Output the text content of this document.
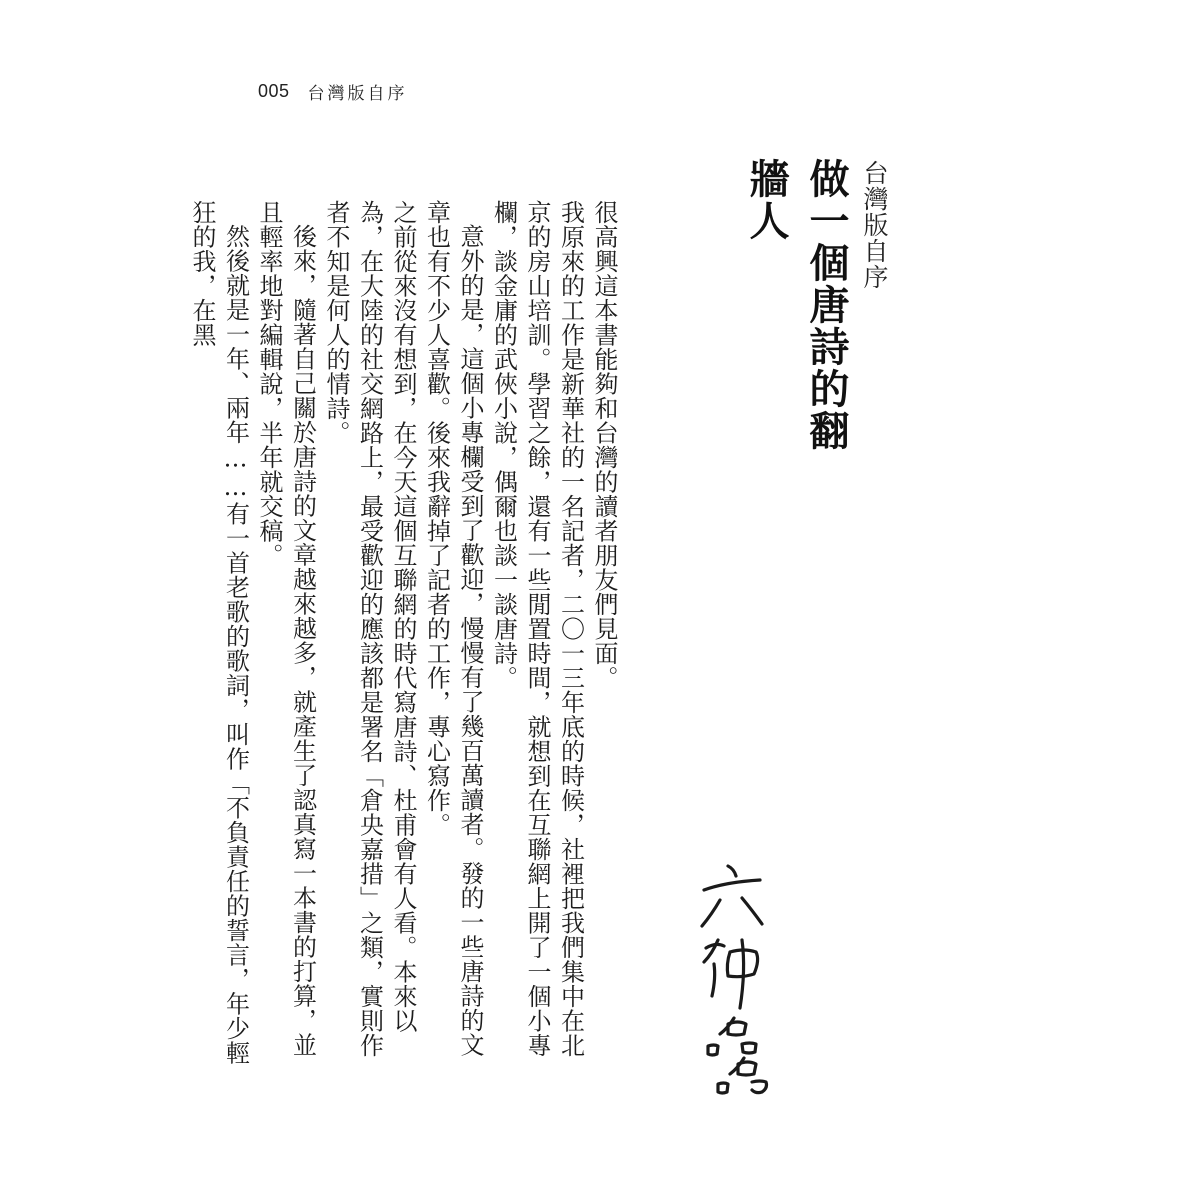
005 台灣版自序
台灣版自序
做一個唐詩的翻牆人

很高興這本書能夠和台灣的讀者朋友們見面。

我原來的工作是新華社的一名記者，二〇一三年底的時候，社裡把我們集中在北京的房山培訓。學習之餘，還有一些閒置時間，就想到在互聯網上開了一個小專欄，談金庸的武俠小說，偶爾也談一談唐詩。

意外的是，這個小專欄受到了歡迎，慢慢有了幾百萬讀者。發的一些唐詩的文章也有不少人喜歡。後來我辭掉了記者的工作，專心寫作。

之前從來沒有想到，在今天這個互聯網的時代寫唐詩、杜甫會有人看。本來以為，在大陸的社交網路上，最受歡迎的應該都是署名「倉央嘉措」之類，實則作者不知是何人的情詩。

後來，隨著自己關於唐詩的文章越來越多，就產生了認真寫一本書的打算，並且輕率地對編輯說，半年就交稿。

然後就是一年、兩年……有一首老歌的歌詞，叫作「不負責任的誓言，年少輕狂的我，在黑
